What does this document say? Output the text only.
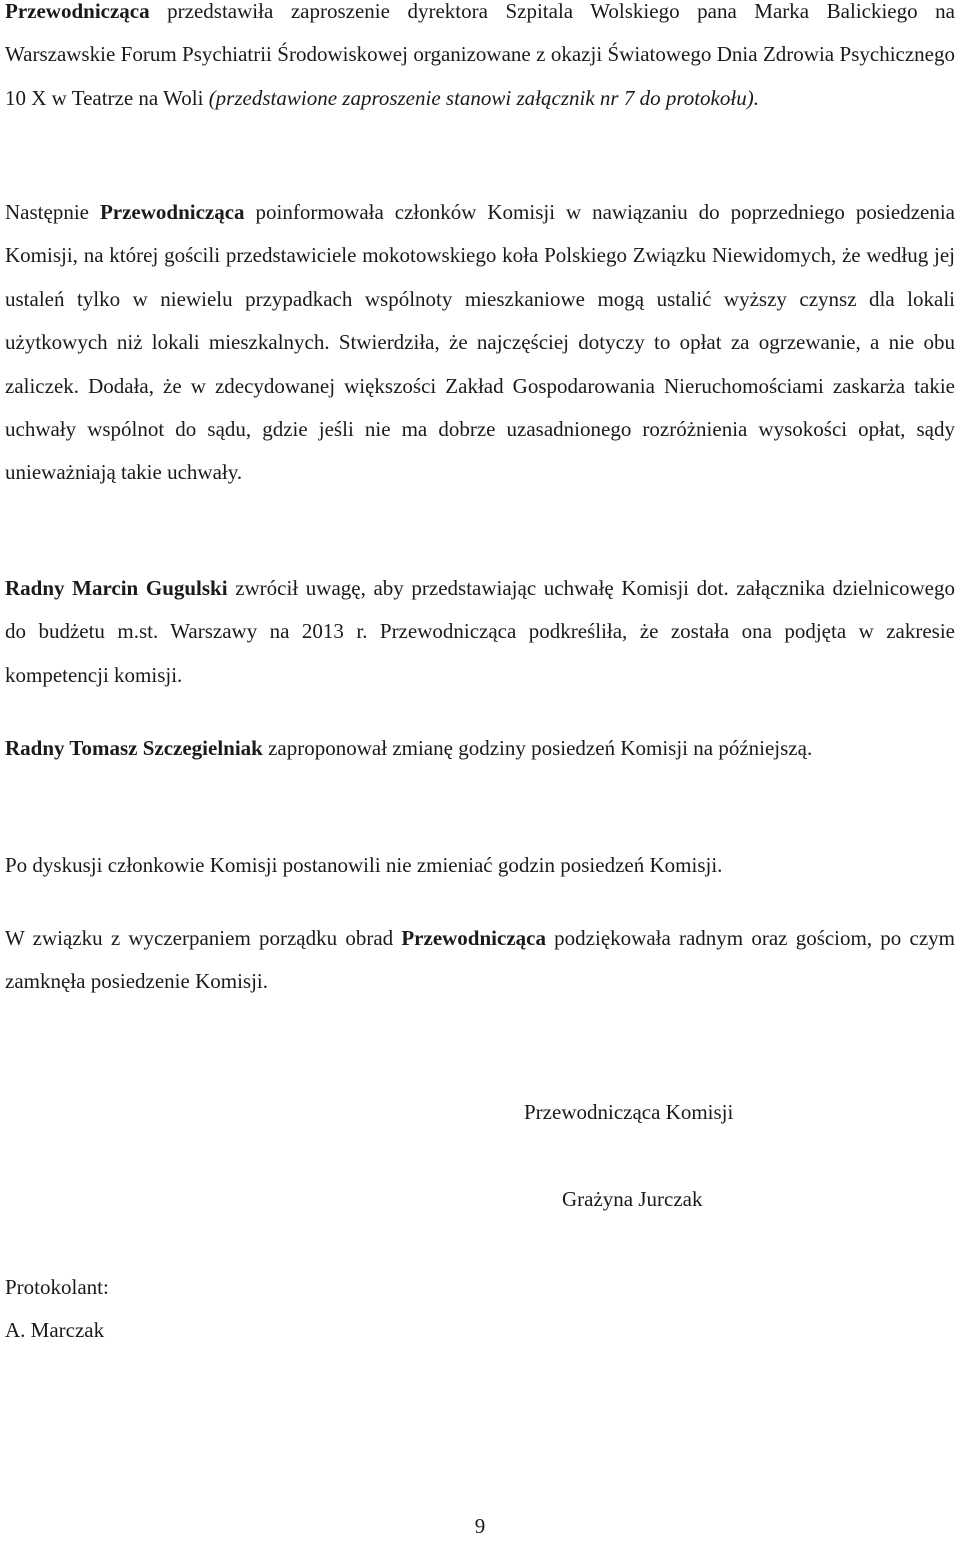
Przewodnicząca przedstawiła zaproszenie dyrektora Szpitala Wolskiego pana Marka Balickiego na Warszawskie Forum Psychiatrii Środowiskowej organizowane z okazji Światowego Dnia Zdrowia Psychicznego 10 X w Teatrze na Woli (przedstawione zaproszenie stanowi załącznik nr 7 do protokołu).

Następnie Przewodnicząca poinformowała członków Komisji w nawiązaniu do poprzedniego posiedzenia Komisji, na której gościli przedstawiciele mokotowskiego koła Polskiego Związku Niewidomych, że według jej ustaleń tylko w niewielu przypadkach wspólnoty mieszkaniowe mogą ustalić wyższy czynsz dla lokali użytkowych niż lokali mieszkalnych. Stwierdziła, że najczęściej dotyczy to opłat za ogrzewanie, a nie obu zaliczek. Dodała, że w zdecydowanej większości Zakład Gospodarowania Nieruchomościami zaskarża takie uchwały wspólnot do sądu, gdzie jeśli nie ma dobrze uzasadnionego rozróżnienia wysokości opłat, sądy unieważniają takie uchwały.

Radny Marcin Gugulski zwrócił uwagę, aby przedstawiając uchwałę Komisji dot. załącznika dzielnicowego do budżetu m.st. Warszawy na 2013 r. Przewodnicząca podkreśliła, że została ona podjęta w zakresie kompetencji komisji.

Radny Tomasz Szczegielniak zaproponował zmianę godziny posiedzeń Komisji na późniejszą.

Po dyskusji członkowie Komisji postanowili nie zmieniać godzin posiedzeń Komisji.

W związku z wyczerpaniem porządku obrad Przewodnicząca podziękowała radnym oraz gościom, po czym zamknęła posiedzenie Komisji.

Przewodnicząca Komisji

Grażyna Jurczak

Protokolant:

A. Marczak

9
